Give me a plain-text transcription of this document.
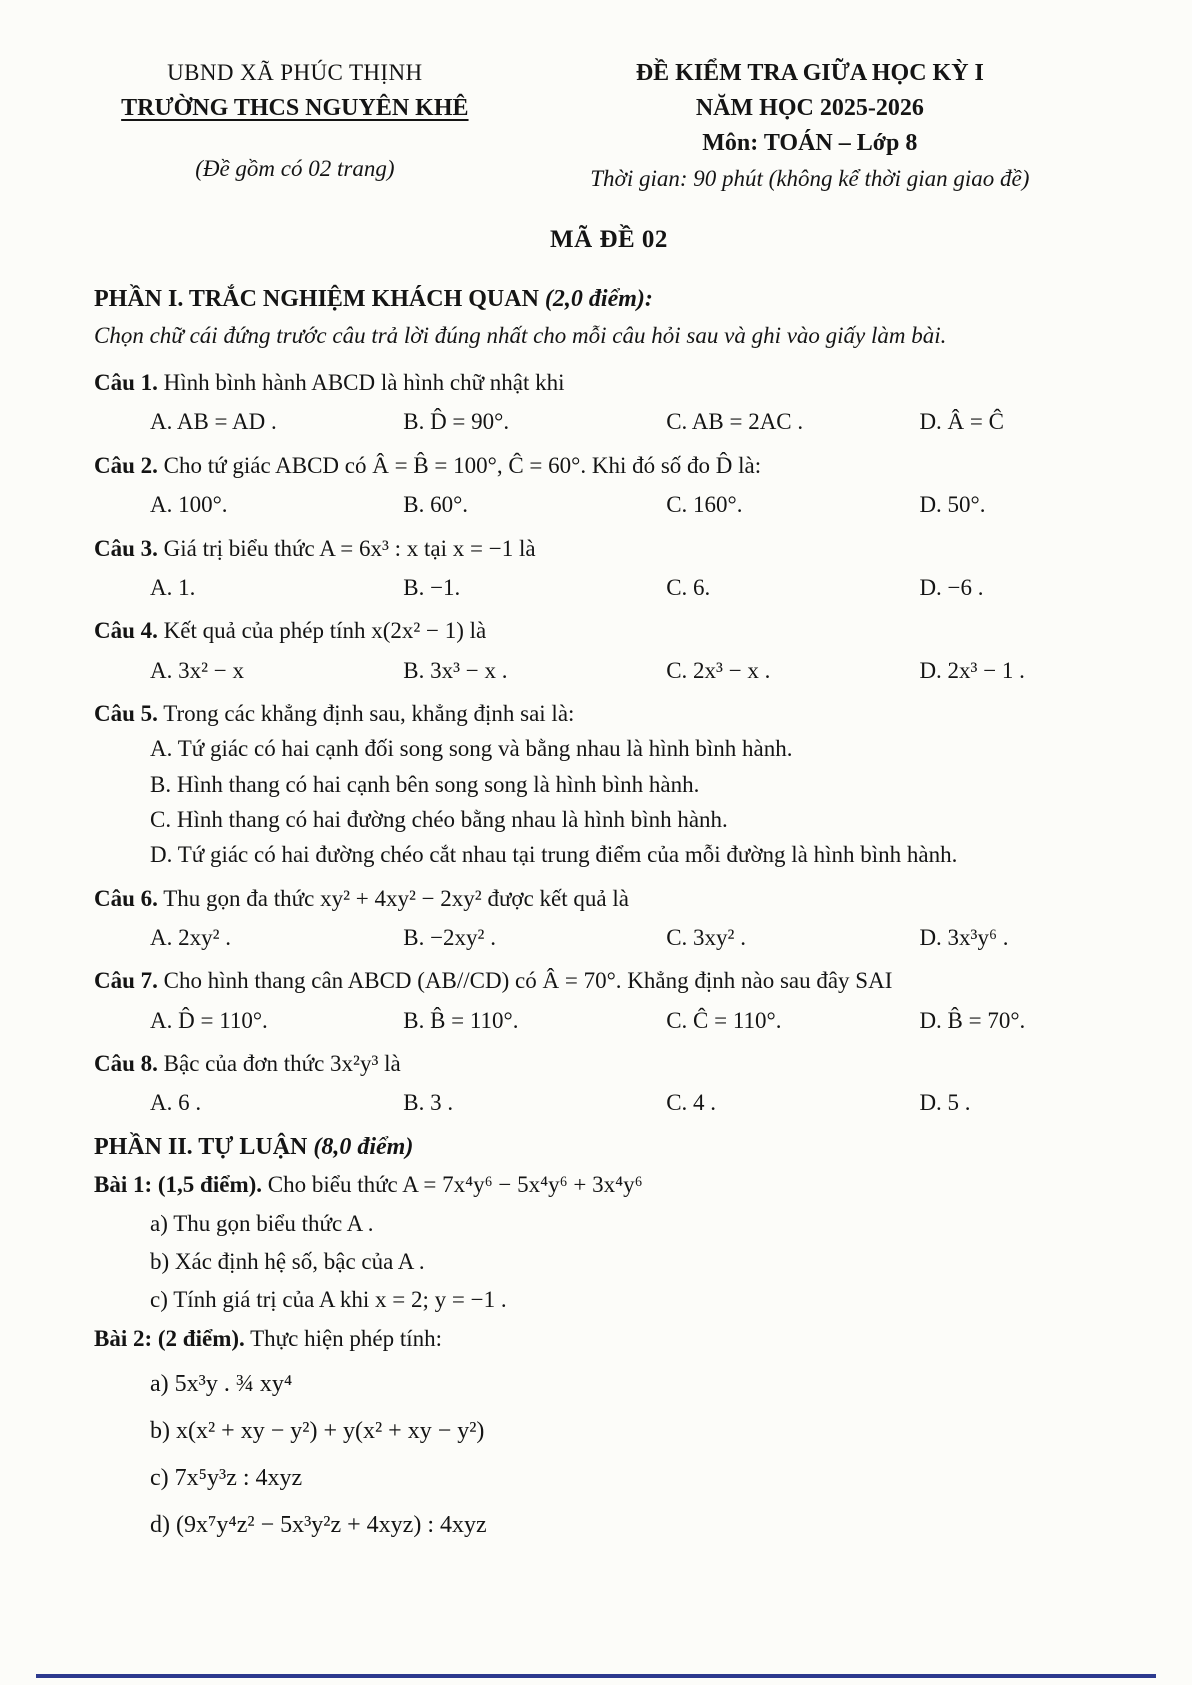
UBND XÃ PHÚC THỊNH
TRƯỜNG THCS NGUYÊN KHÊ
(Đề gồm có 02 trang)
ĐỀ KIỂM TRA GIỮA HỌC KỲ I
NĂM HỌC 2025-2026
Môn: TOÁN – Lớp 8
Thời gian: 90 phút (không kể thời gian giao đề)
MÃ ĐỀ 02
PHẦN I. TRẮC NGHIỆM KHÁCH QUAN (2,0 điểm):
Chọn chữ cái đứng trước câu trả lời đúng nhất cho mỗi câu hỏi sau và ghi vào giấy làm bài.
Câu 1. Hình bình hành ABCD là hình chữ nhật khi
A. AB = AD .	B. D̂ = 90°.	C. AB = 2AC .	D. Â = Ĉ
Câu 2. Cho tứ giác ABCD có Â = B̂ = 100°, Ĉ = 60°. Khi đó số đo D̂ là:
A. 100°.	B. 60°.	C. 160°.	D. 50°.
Câu 3. Giá trị biểu thức A = 6x³ : x tại x = −1 là
A. 1.	B. −1.	C. 6.	D. −6 .
Câu 4. Kết quả của phép tính x(2x² − 1) là
A. 3x² − x	B. 3x³ − x .	C. 2x³ − x .	D. 2x³ − 1 .
Câu 5. Trong các khẳng định sau, khẳng định sai là:
A. Tứ giác có hai cạnh đối song song và bằng nhau là hình bình hành.
B. Hình thang có hai cạnh bên song song là hình bình hành.
C. Hình thang có hai đường chéo bằng nhau là hình bình hành.
D. Tứ giác có hai đường chéo cắt nhau tại trung điểm của mỗi đường là hình bình hành.
Câu 6. Thu gọn đa thức xy² + 4xy² − 2xy² được kết quả là
A. 2xy² .	B. −2xy² .	C. 3xy² .	D. 3x³y⁶ .
Câu 7. Cho hình thang cân ABCD (AB//CD) có Â = 70°. Khẳng định nào sau đây SAI
A. D̂ = 110°.	B. B̂ = 110°.	C. Ĉ = 110°.	D. B̂ = 70°.
Câu 8. Bậc của đơn thức 3x²y³ là
A. 6 .	B. 3 .	C. 4 .	D. 5 .
PHẦN II. TỰ LUẬN (8,0 điểm)
Bài 1: (1,5 điểm). Cho biểu thức A = 7x⁴y⁶ − 5x⁴y⁶ + 3x⁴y⁶
a) Thu gọn biểu thức A .
b) Xác định hệ số, bậc của A .
c) Tính giá trị của A khi x = 2; y = −1 .
Bài 2: (2 điểm). Thực hiện phép tính:
a) 5x³y . ¾ xy⁴
b) x(x² + xy − y²) + y(x² + xy − y²)
c) 7x⁵y³z : 4xyz
d) (9x⁷y⁴z² − 5x³y²z + 4xyz) : 4xyz
